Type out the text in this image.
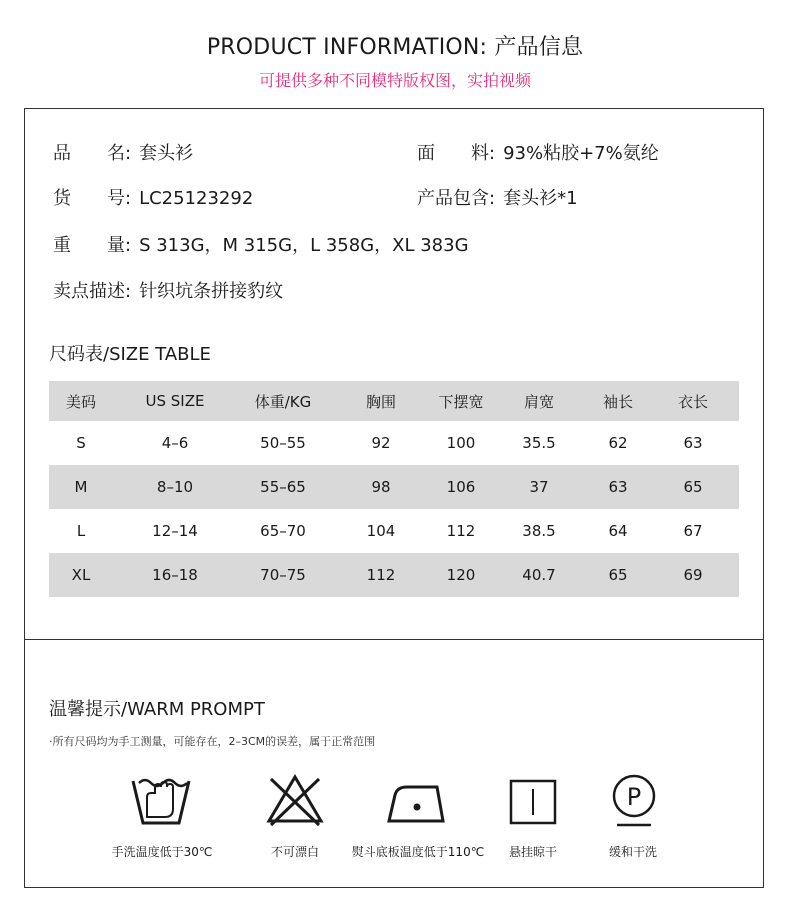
PRODUCT INFORMATION: 产品信息
可提供多种不同模特版权图，实拍视频
品　　名: 套头衫	面　　料: 93%粘胶+7%氨纶
货　　号: LC25123292	产品包含: 套头衫*1
重　　量: S 313G，M 315G，L 358G，XL 383G
卖点描述: 针织坑条拼接豹纹
尺码表/SIZE TABLE
美码	US SIZE	体重/KG	胸围	下摆宽	肩宽	袖长	衣长
S	4–6	50–55	92	100	35.5	62	63
M	8–10	55–65	98	106	37	63	65
L	12–14	65–70	104	112	38.5	64	67
XL	16–18	70–75	112	120	40.7	65	69
温馨提示/WARM PROMPT
·所有尺码均为手工测量，可能存在，2–3CM的误差，属于正常范围
手洗温度低于30℃	不可漂白	熨斗底板温度低于110℃	悬挂晾干
P
缓和干洗
